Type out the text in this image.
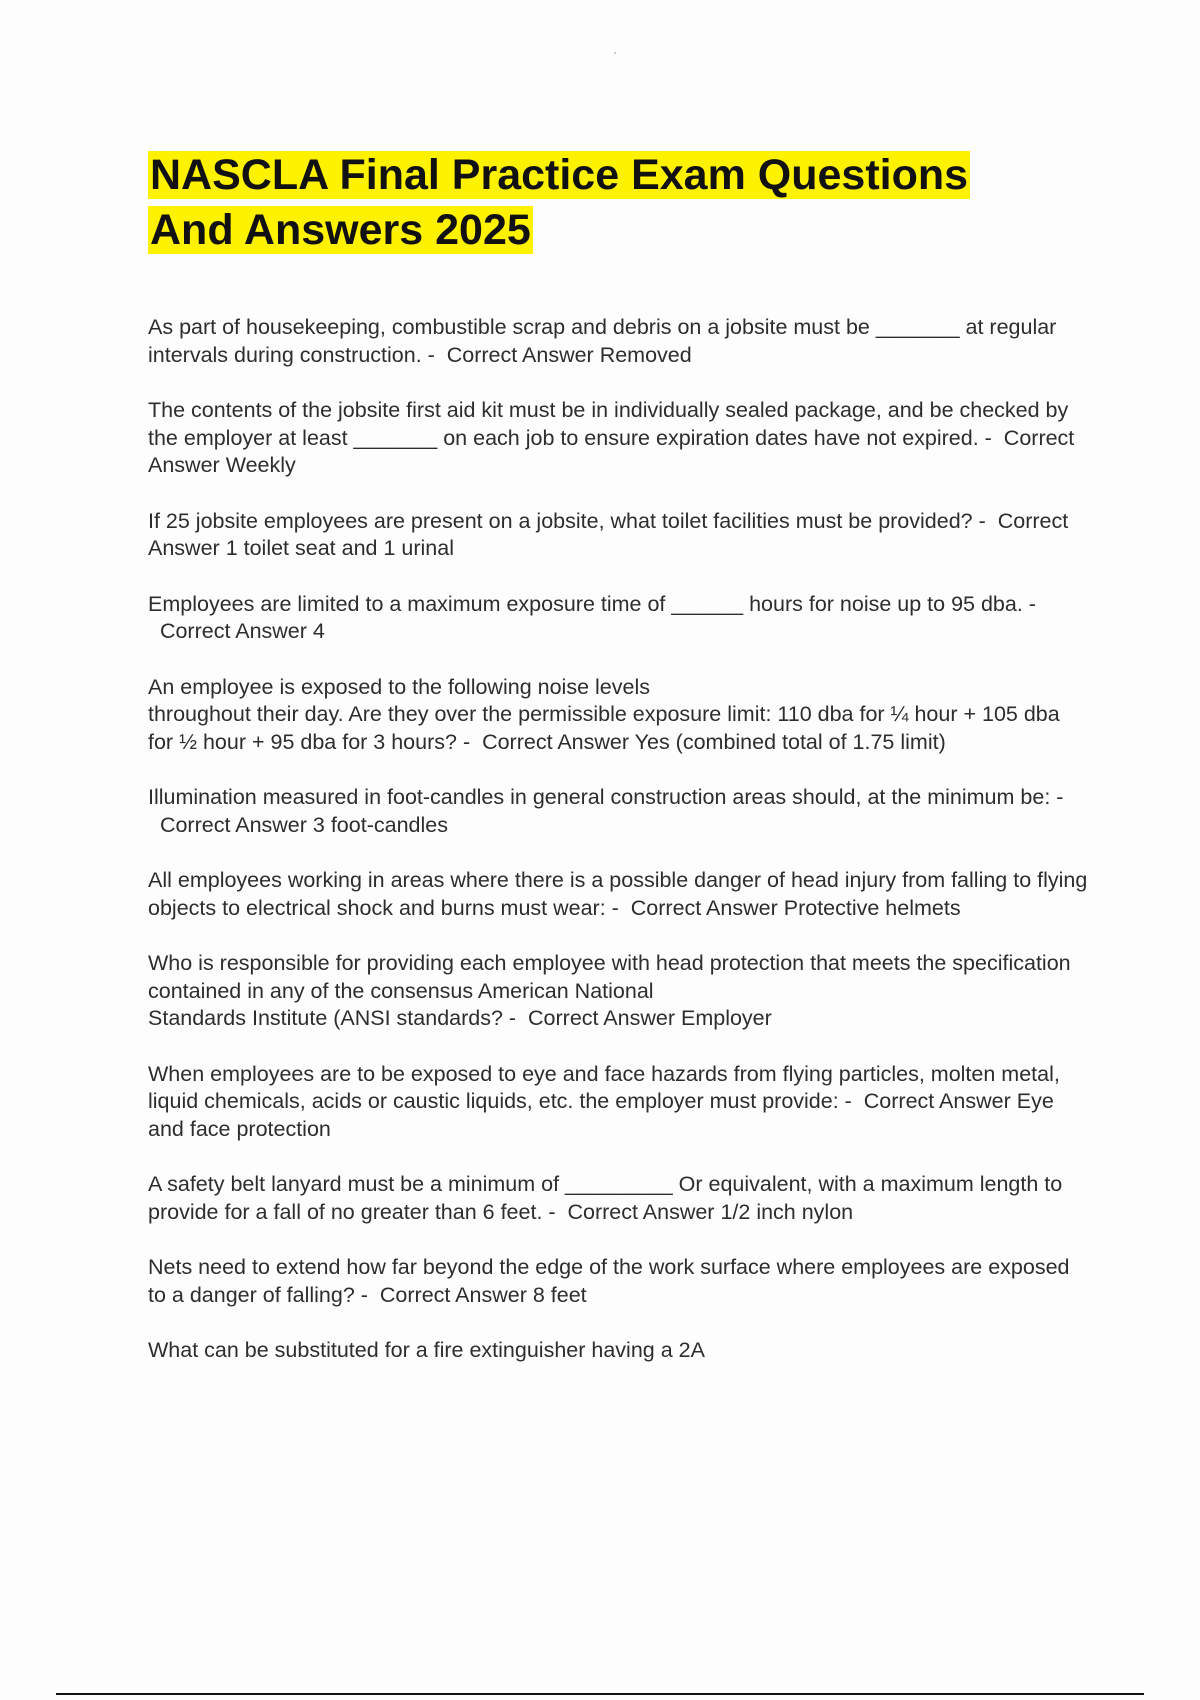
NASCLA Final Practice Exam Questions
And Answers 2025
As part of housekeeping, combustible scrap and debris on a jobsite must be _______ at regular intervals during construction. - Correct Answer Removed
The contents of the jobsite first aid kit must be in individually sealed package, and be checked by the employer at least _______ on each job to ensure expiration dates have not expired. - Correct Answer Weekly
If 25 jobsite employees are present on a jobsite, what toilet facilities must be provided? - Correct Answer 1 toilet seat and 1 urinal
Employees are limited to a maximum exposure time of ______ hours for noise up to 95 dba. -  Correct Answer 4
An employee is exposed to the following noise levels
throughout their day. Are they over the permissible exposure limit: 110 dba for ¼ hour + 105 dba for ½ hour + 95 dba for 3 hours? - Correct Answer Yes (combined total of 1.75 limit)
Illumination measured in foot-candles in general construction areas should, at the minimum be: -  Correct Answer 3 foot-candles
All employees working in areas where there is a possible danger of head injury from falling to flying objects to electrical shock and burns must wear: - Correct Answer Protective helmets
Who is responsible for providing each employee with head protection that meets the specification contained in any of the consensus American National
Standards Institute (ANSI standards? - Correct Answer Employer
When employees are to be exposed to eye and face hazards from flying particles, molten metal, liquid chemicals, acids or caustic liquids, etc. the employer must provide: - Correct Answer Eye and face protection
A safety belt lanyard must be a minimum of _________ Or equivalent, with a maximum length to provide for a fall of no greater than 6 feet. - Correct Answer 1/2 inch nylon
Nets need to extend how far beyond the edge of the work surface where employees are exposed to a danger of falling? - Correct Answer 8 feet
What can be substituted for a fire extinguisher having a 2A
